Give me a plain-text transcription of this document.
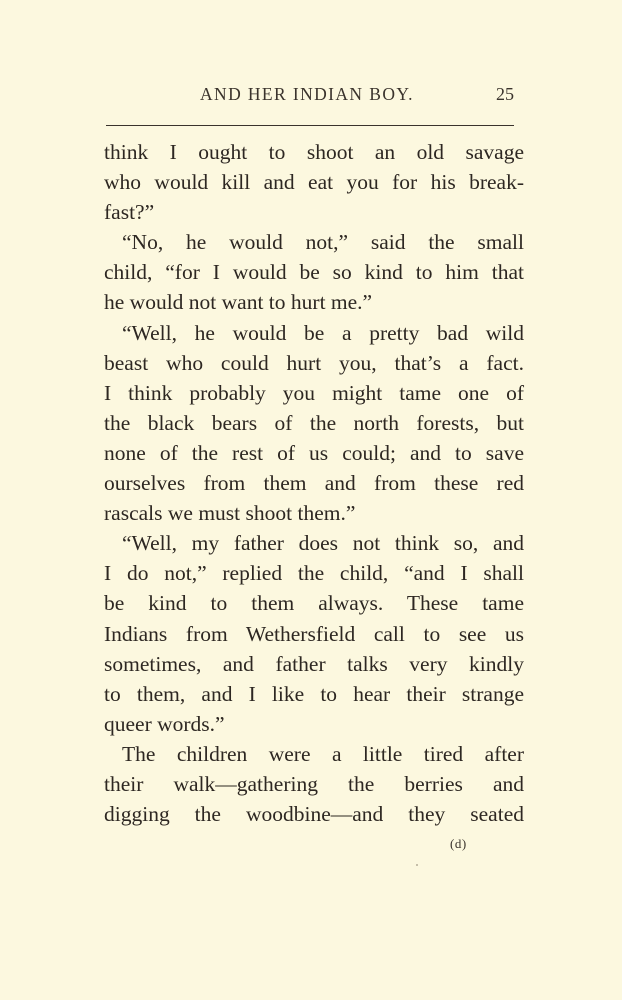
AND HER INDIAN BOY.	25
think I ought to shoot an old savage
who would kill and eat you for his break-
fast?”
“No, he would not,” said the small
child, “for I would be so kind to him that
he would not want to hurt me.”
“Well, he would be a pretty bad wild
beast who could hurt you, that’s a fact.
I think probably you might tame one of
the black bears of the north forests, but
none of the rest of us could; and to save
ourselves from them and from these red
rascals we must shoot them.”
“Well, my father does not think so, and
I do not,” replied the child, “and I shall
be kind to them always. These tame
Indians from Wethersfield call to see us
sometimes, and father talks very kindly
to them, and I like to hear their strange
queer words.”
The children were a little tired after
their walk—gathering the berries and
digging the woodbine—and they seated
(d)
